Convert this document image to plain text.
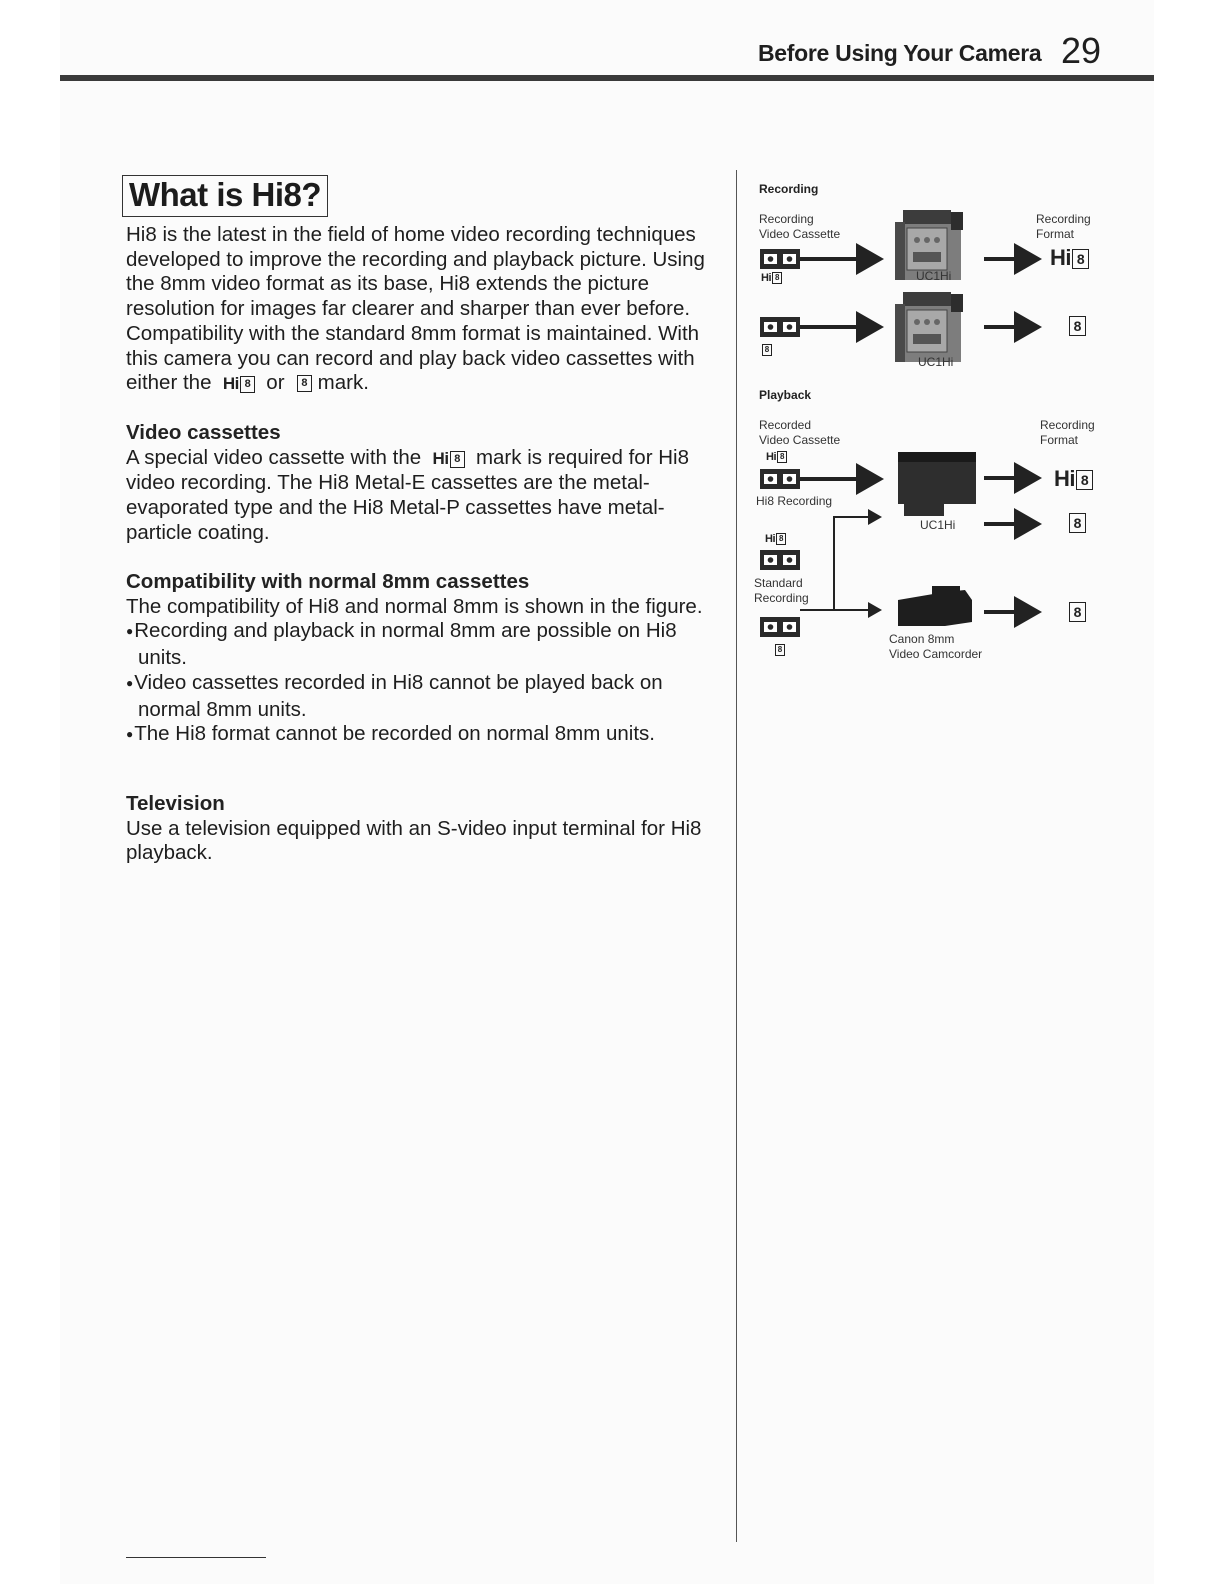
Before Using Your Camera 29
What is Hi8?

Hi8 is the latest in the field of home video recording techniques developed to improve the recording and playback picture. Using the 8mm video format as its base, Hi8 extends the picture resolution for images far clearer and sharper than ever before. Compatibility with the standard 8mm format is maintained. With this camera you can record and play back video cassettes with either the Hi 8 or 8 mark.

Video cassettes

A special video cassette with the Hi 8 mark is required for Hi8 video recording. The Hi8 Metal-E cassettes are the metal-evaporated type and the Hi8 Metal-P cassettes have metal-particle coating.

Compatibility with normal 8mm cassettes

The compatibility of Hi8 and normal 8mm is shown in the figure.

● Recording and playback in normal 8mm are possible on Hi8 units.
● Video cassettes recorded in Hi8 cannot be played back on normal 8mm units.
● The Hi8 format cannot be recorded on normal 8mm units.
Television

Use a television equipped with an S-video input terminal for Hi8 playback.

Recording
Recording
Video Cassette
Recording
Format
Hi 8	UC1Hi
Hi 8
8
UC1Hi
8
Playback
Recorded
Video Cassette
Recording
Format
Hi 8
Hi8 Recording
Hi 8
UC1Hi	8
Hi 8
Standard
Recording
8
Canon 8mm
Video Camcorder
8
